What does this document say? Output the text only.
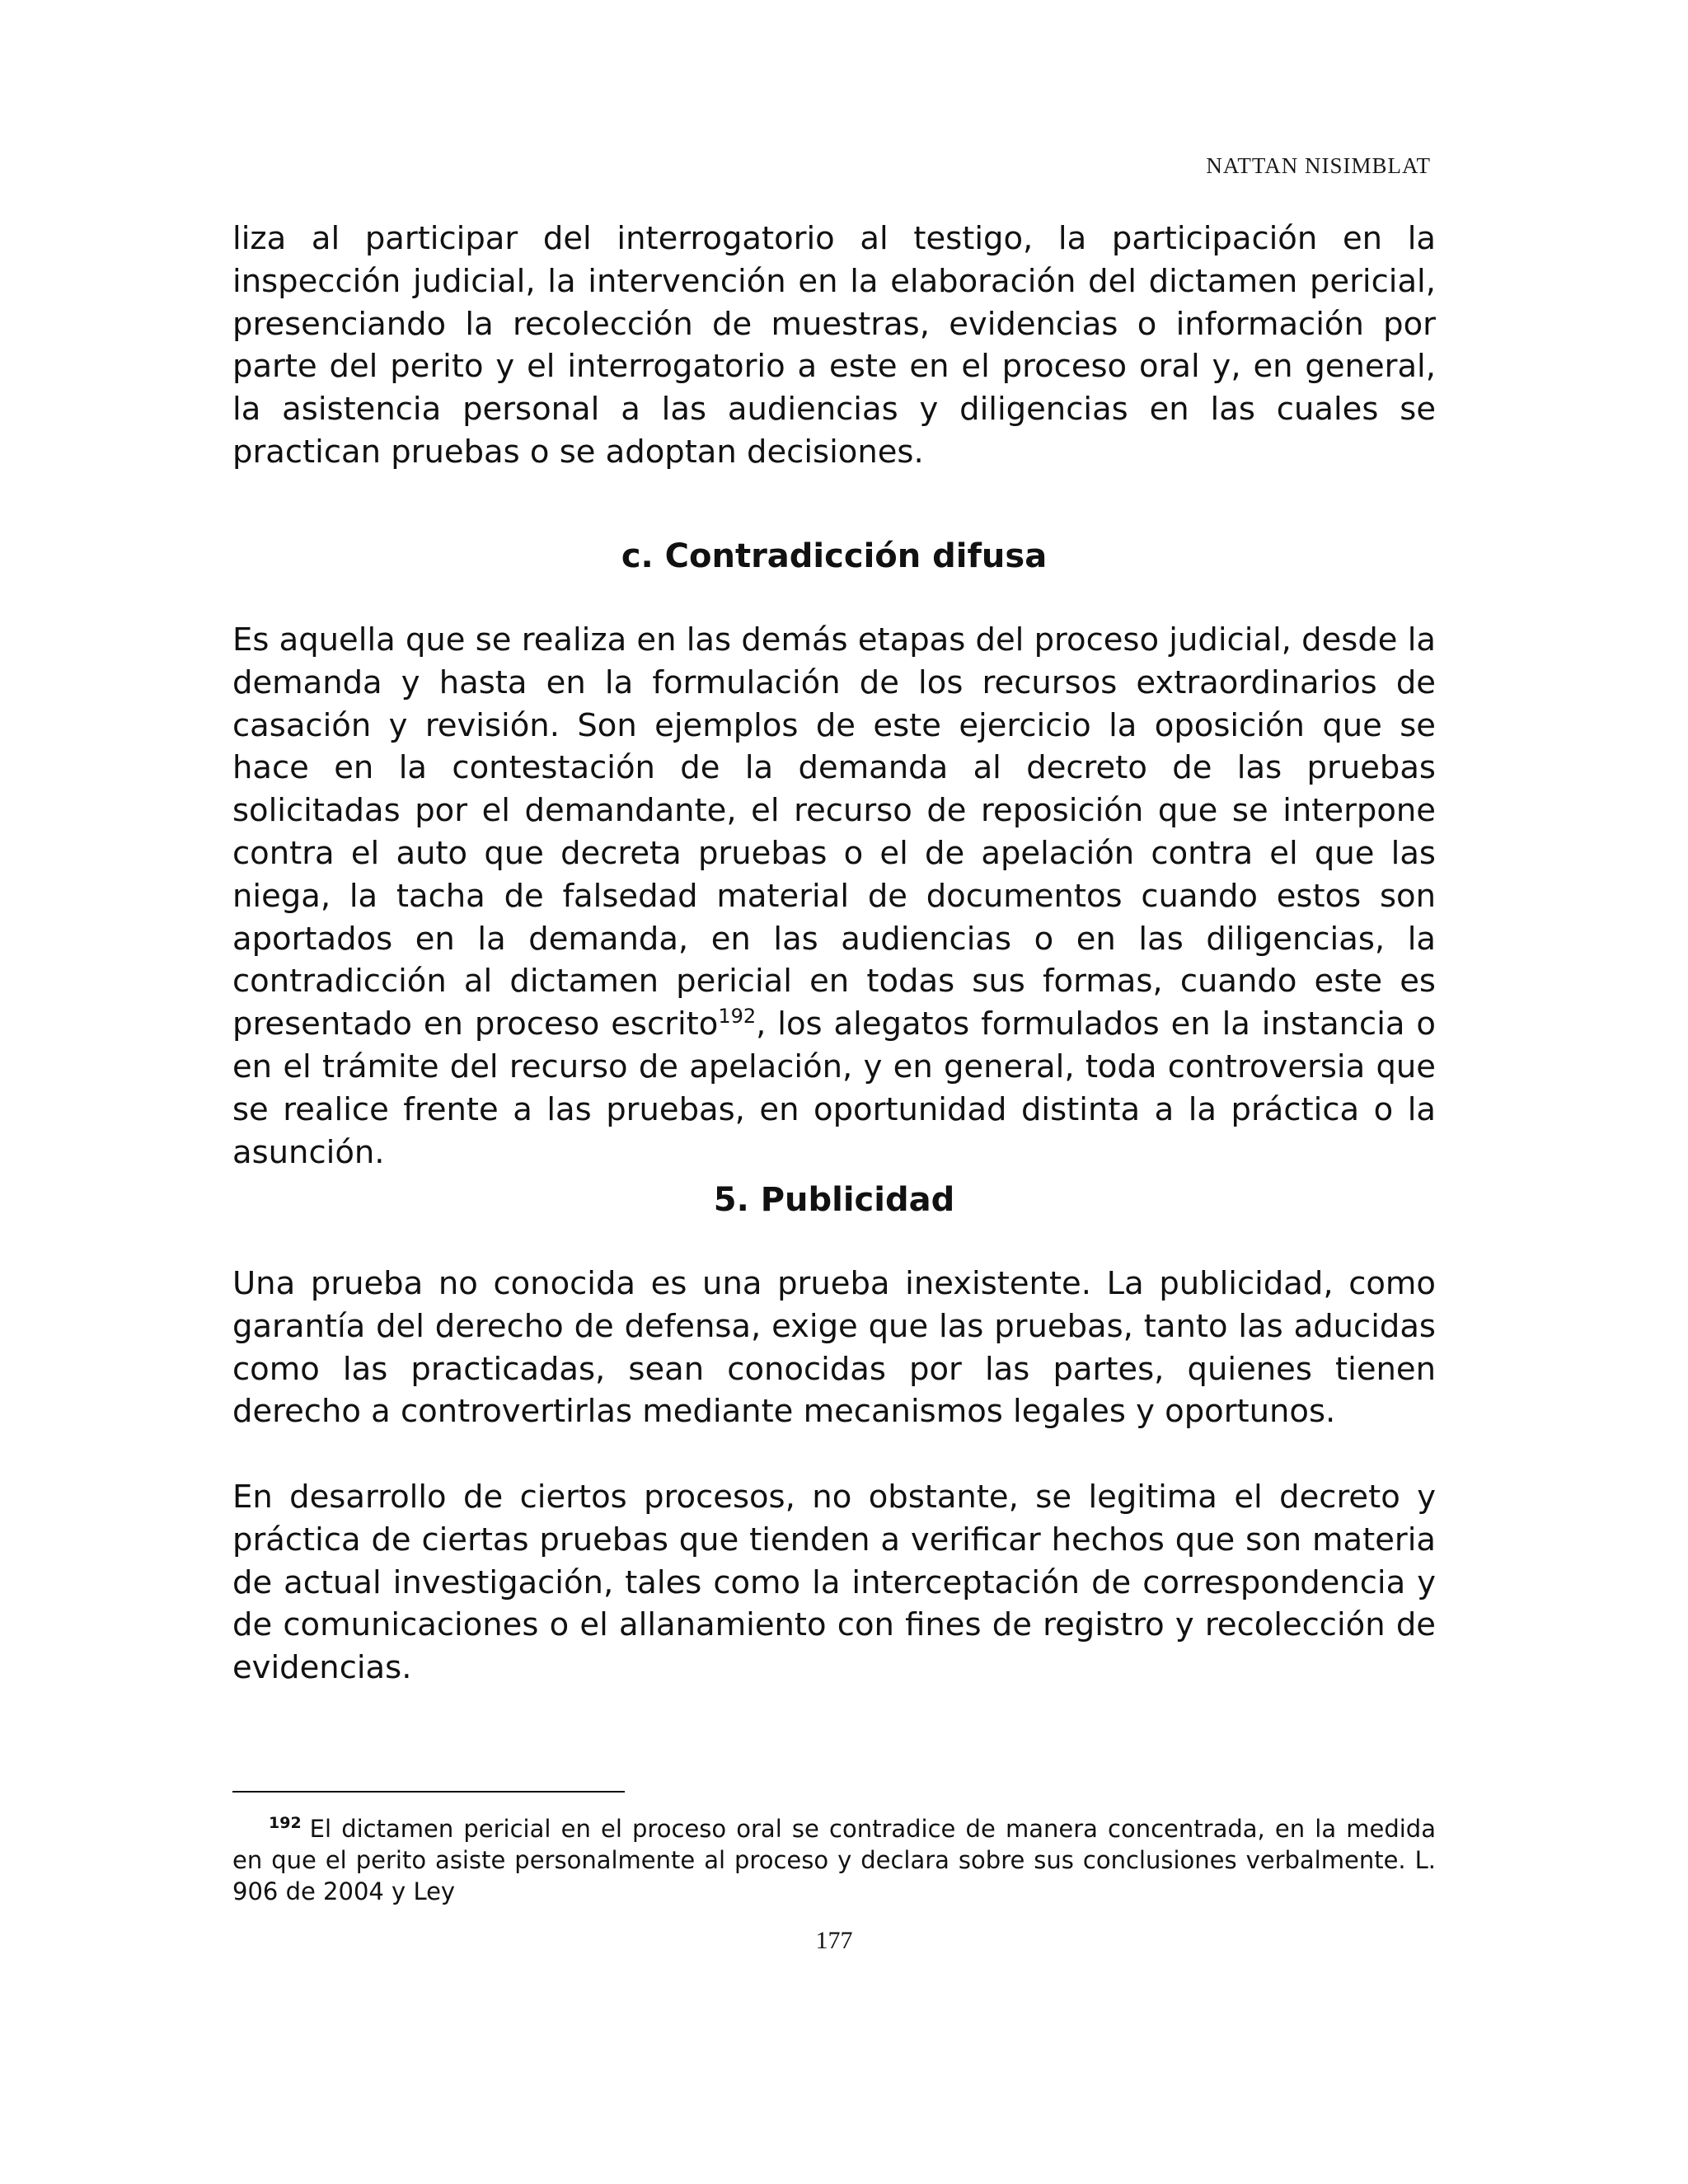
NATTAN NISIMBLAT

liza al participar del interrogatorio al testigo, la participación en la inspección judicial, la intervención en la elaboración del dictamen pericial, presenciando la recolección de muestras, evidencias o información por parte del perito y el interrogatorio a este en el proceso oral y, en general, la asistencia personal a las audiencias y diligencias en las cuales se practican pruebas o se adoptan decisiones.

c. Contradicción difusa

Es aquella que se realiza en las demás etapas del proceso judicial, desde la demanda y hasta en la formulación de los recursos extraordinarios de casación y revisión. Son ejemplos de este ejercicio la oposición que se hace en la contestación de la demanda al decreto de las pruebas solicitadas por el demandante, el recurso de reposición que se interpone contra el auto que decreta pruebas o el de apelación contra el que las niega, la tacha de falsedad material de documentos cuando estos son aportados en la demanda, en las audiencias o en las diligencias, la contradicción al dictamen pericial en todas sus formas, cuando este es presentado en proceso escrito$^{192}$, los alegatos formulados en la instancia o en el trámite del recurso de apelación, y en general, toda controversia que se realice frente a las pruebas, en oportunidad distinta a la práctica o la asunción.

5. Publicidad

Una prueba no conocida es una prueba inexistente. La publicidad, como garantía del derecho de defensa, exige que las pruebas, tanto las aducidas como las practicadas, sean conocidas por las partes, quienes tienen derecho a controvertirlas mediante mecanismos legales y oportunos.

En desarrollo de ciertos procesos, no obstante, se legitima el decreto y práctica de ciertas pruebas que tienden a verificar hechos que son materia de actual investigación, tales como la interceptación de correspondencia y de comunicaciones o el allanamiento con fines de registro y recolección de evidencias.

$^{192}$ El dictamen pericial en el proceso oral se contradice de manera concentrada, en la medida en que el perito asiste personalmente al proceso y declara sobre sus conclusiones verbalmente. L. 906 de 2004 y Ley

177
